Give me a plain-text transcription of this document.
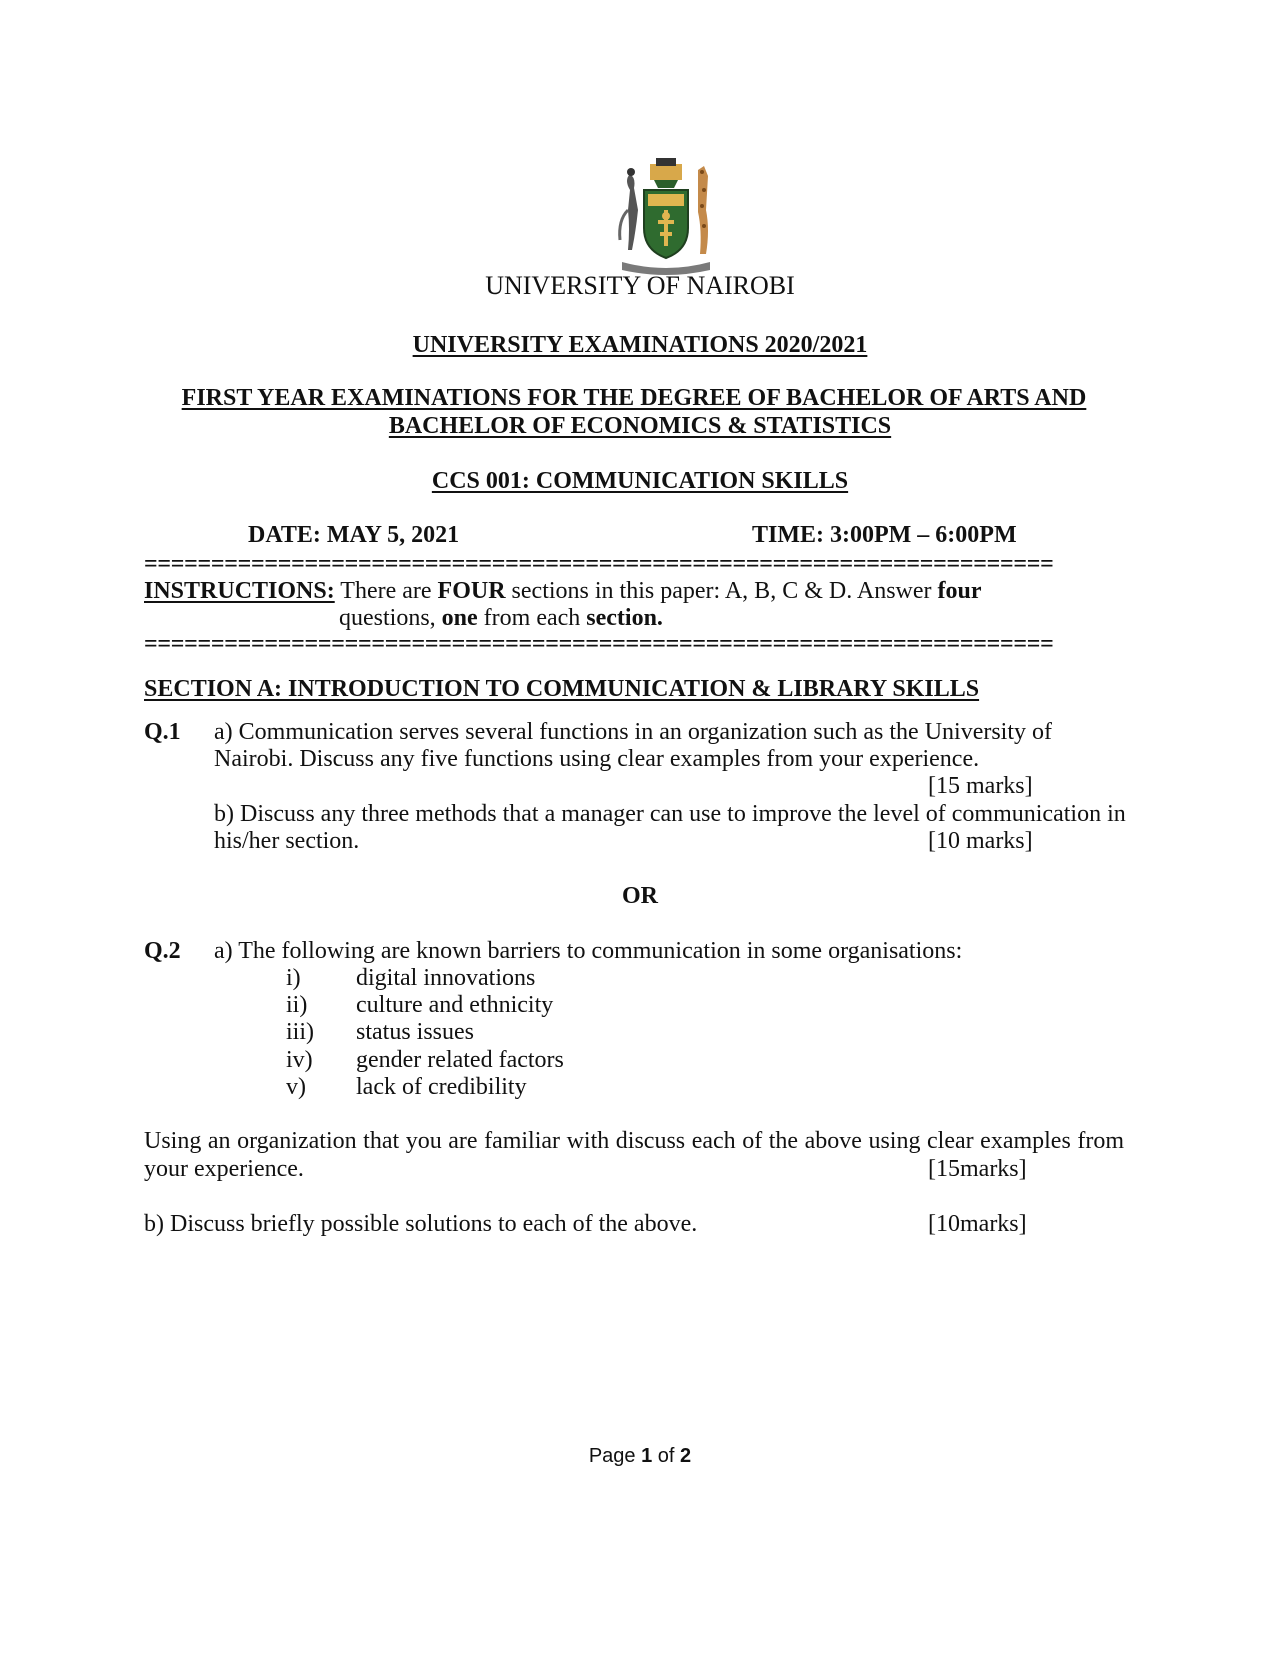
UNIVERSITY OF NAIROBI
UNIVERSITY EXAMINATIONS 2020/2021
FIRST YEAR EXAMINATIONS FOR THE DEGREE OF BACHELOR OF ARTS AND
BACHELOR OF ECONOMICS & STATISTICS
CCS 001: COMMUNICATION SKILLS
DATE: MAY 5, 2021	TIME: 3:00PM – 6:00PM
====================================================================
INSTRUCTIONS: There are FOUR sections in this paper: A, B, C & D. Answer four
questions, one from each section.
====================================================================
SECTION A: INTRODUCTION TO COMMUNICATION & LIBRARY SKILLS
Q.1 a) Communication serves several functions in an organization such as the University of
Nairobi. Discuss any five functions using clear examples from your experience.
[15 marks]
b) Discuss any three methods that a manager can use to improve the level of communication in
his/her section.	[10 marks]
OR
Q.2 a) The following are known barriers to communication in some organisations:
i) digital innovations
ii) culture and ethnicity
iii) status issues
iv) gender related factors
v) lack of credibility
Using an organization that you are familiar with discuss each of the above using clear examples from
your experience.	[15marks]
b) Discuss briefly possible solutions to each of the above.	[10marks]
Page 1 of 2
